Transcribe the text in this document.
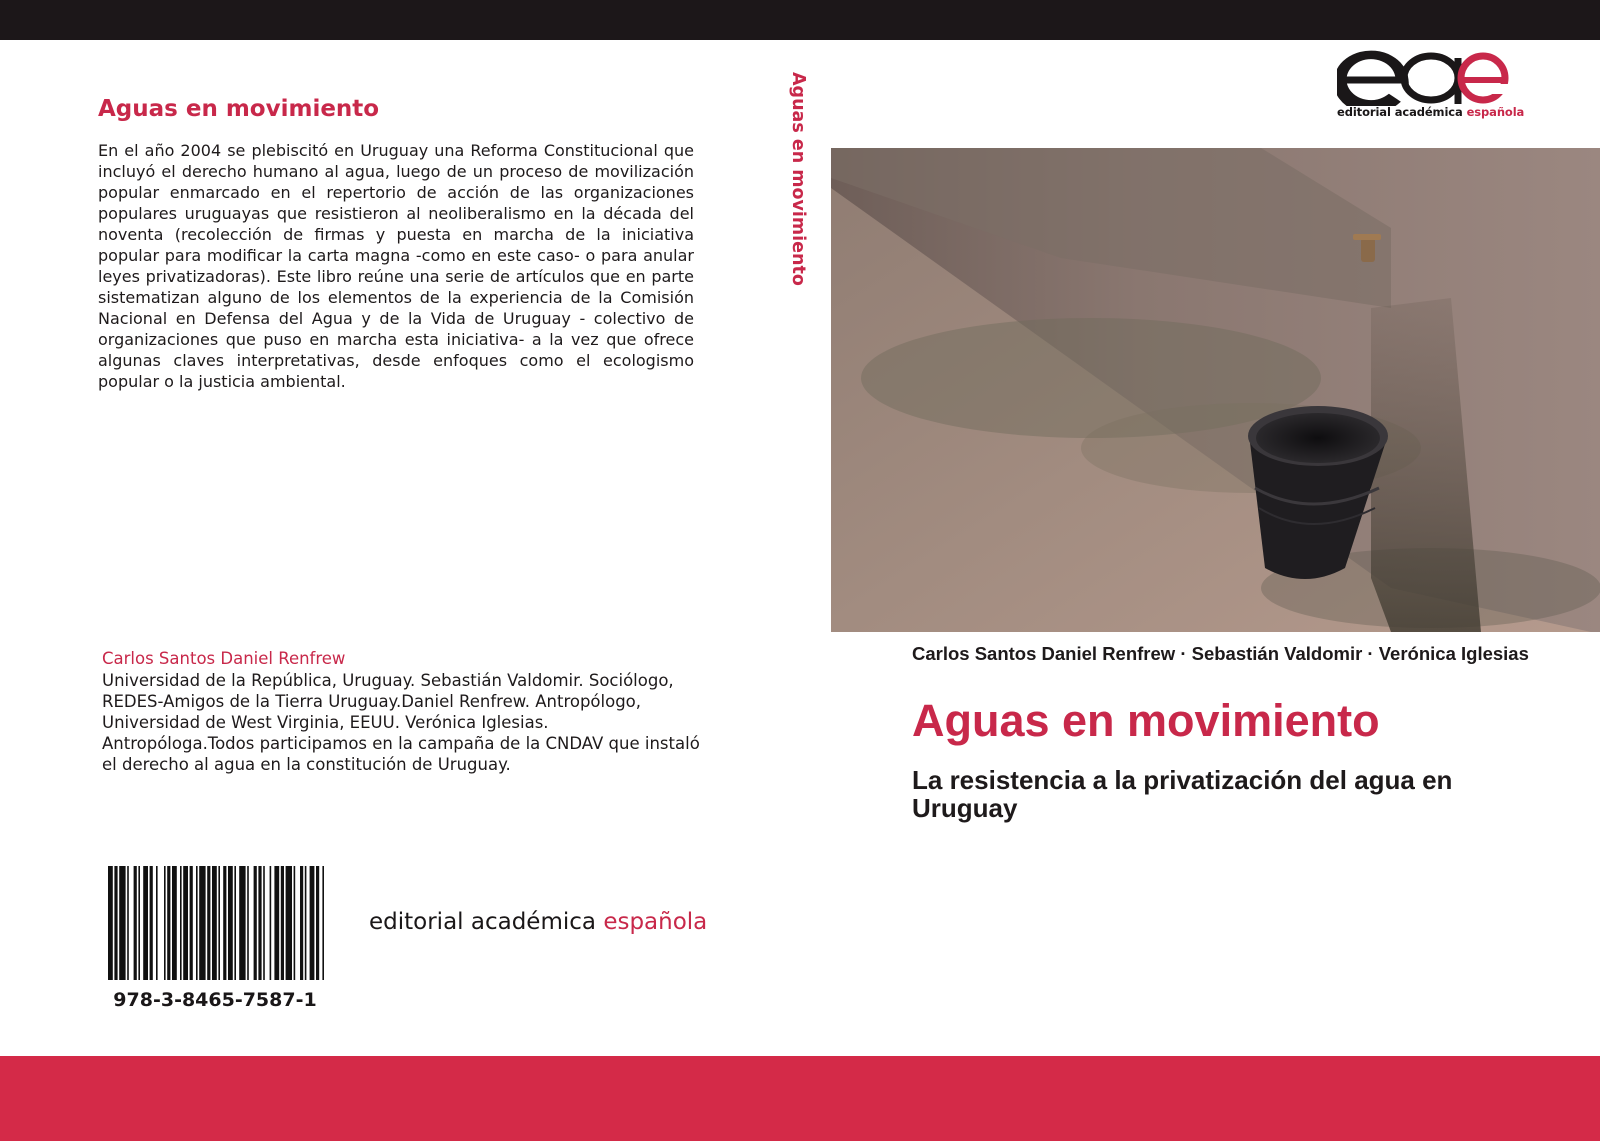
Aguas en movimiento

En el año 2004 se plebiscitó en Uruguay una Reforma Constitucional que incluyó el derecho humano al agua, luego de un proceso de movilización popular enmarcado en el repertorio de acción de las organizaciones populares uruguayas que resistieron al neoliberalismo en la década del noventa (recolección de firmas y puesta en marcha de la iniciativa popular para modificar la carta magna -como en este caso- o para anular leyes privatizadoras). Este libro reúne una serie de artículos que en parte sistematizan alguno de los elementos de la experiencia de la Comisión Nacional en Defensa del Agua y de la Vida de Uruguay - colectivo de organizaciones que puso en marcha esta iniciativa- a la vez que ofrece algunas claves interpretativas, desde enfoques como el ecologismo popular o la justicia ambiental.

Carlos Santos Daniel Renfrew
Universidad de la República, Uruguay. Sebastián Valdomir. Sociólogo, REDES-Amigos de la Tierra Uruguay.Daniel Renfrew. Antropólogo, Universidad de West Virginia, EEUU. Verónica Iglesias. Antropóloga.Todos participamos en la campaña de la CNDAV que instaló el derecho al agua en la constitución de Uruguay.
978-3-8465-7587-1
editorial académica española
Aguas en movimiento	editorial académica española
Carlos Santos Daniel Renfrew · Sebastián Valdomir · Verónica Iglesias
Aguas en movimiento
La resistencia a la privatización del agua en Uruguay
